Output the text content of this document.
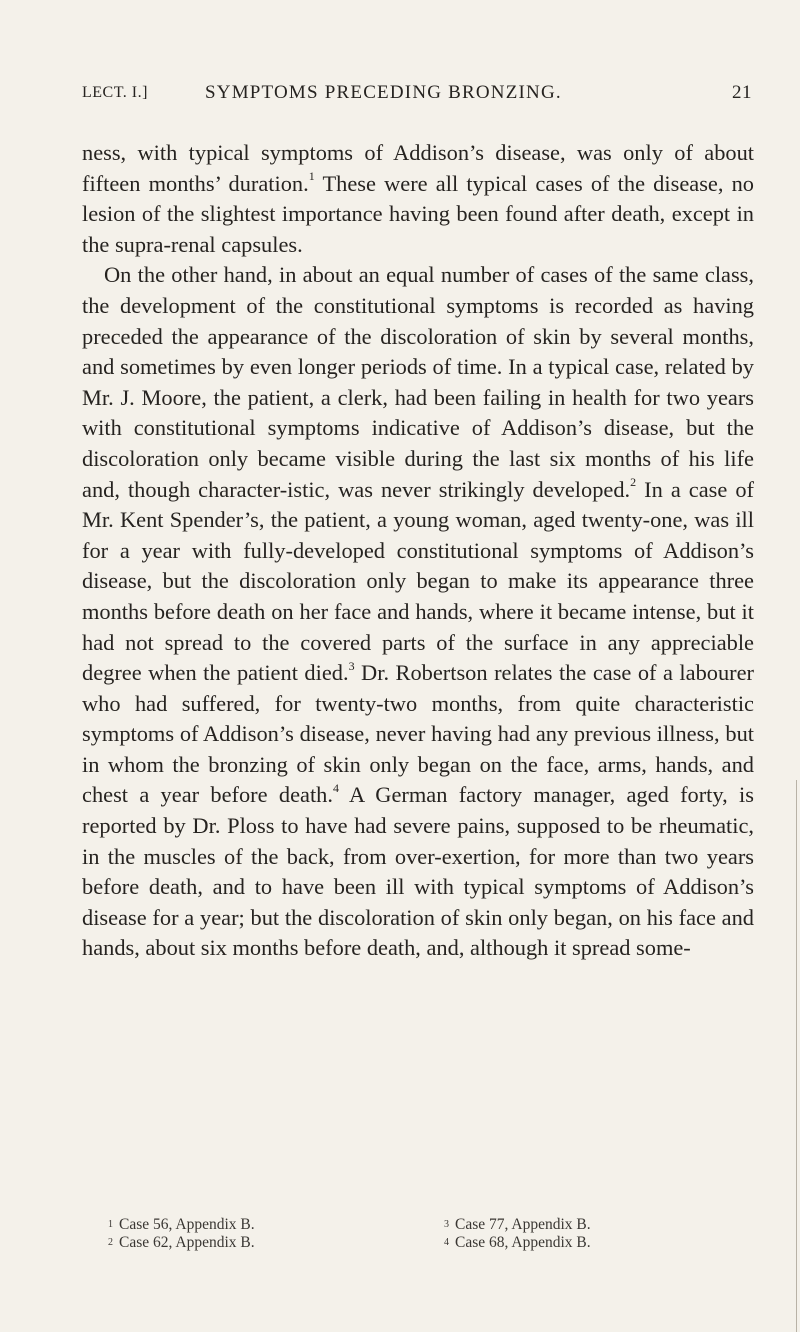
LECT. I.]	SYMPTOMS PRECEDING BRONZING.	21

ness, with typical symptoms of Addison’s disease, was only of about fifteen months’ duration.$^1$ These were all typical cases of the disease, no lesion of the slightest importance having been found after death, except in the supra-renal capsules.

On the other hand, in about an equal number of cases of the same class, the development of the constitutional symptoms is recorded as having preceded the appearance of the discoloration of skin by several months, and sometimes by even longer periods of time. In a typical case, related by Mr. J. Moore, the patient, a clerk, had been failing in health for two years with constitutional symptoms indicative of Addison’s disease, but the discoloration only became visible during the last six months of his life and, though character-istic, was never strikingly developed.$^2$ In a case of Mr. Kent Spender’s, the patient, a young woman, aged twenty-one, was ill for a year with fully-developed constitutional symptoms of Addison’s disease, but the discoloration only began to make its appearance three months before death on her face and hands, where it became intense, but it had not spread to the covered parts of the surface in any appreciable degree when the patient died.$^3$ Dr. Robertson relates the case of a labourer who had suffered, for twenty-two months, from quite characteristic symptoms of Addison’s disease, never having had any previous illness, but in whom the bronzing of skin only began on the face, arms, hands, and chest a year before death.$^4$ A German factory manager, aged forty, is reported by Dr. Ploss to have had severe pains, supposed to be rheumatic, in the muscles of the back, from over-exertion, for more than two years before death, and to have been ill with typical symptoms of Addison’s disease for a year; but the discoloration of skin only began, on his face and hands, about six months before death, and, although it spread some-

$^1$ Case 56, Appendix B.
$^2$ Case 62, Appendix B.
$^3$ Case 77, Appendix B.
$^4$ Case 68, Appendix B.
